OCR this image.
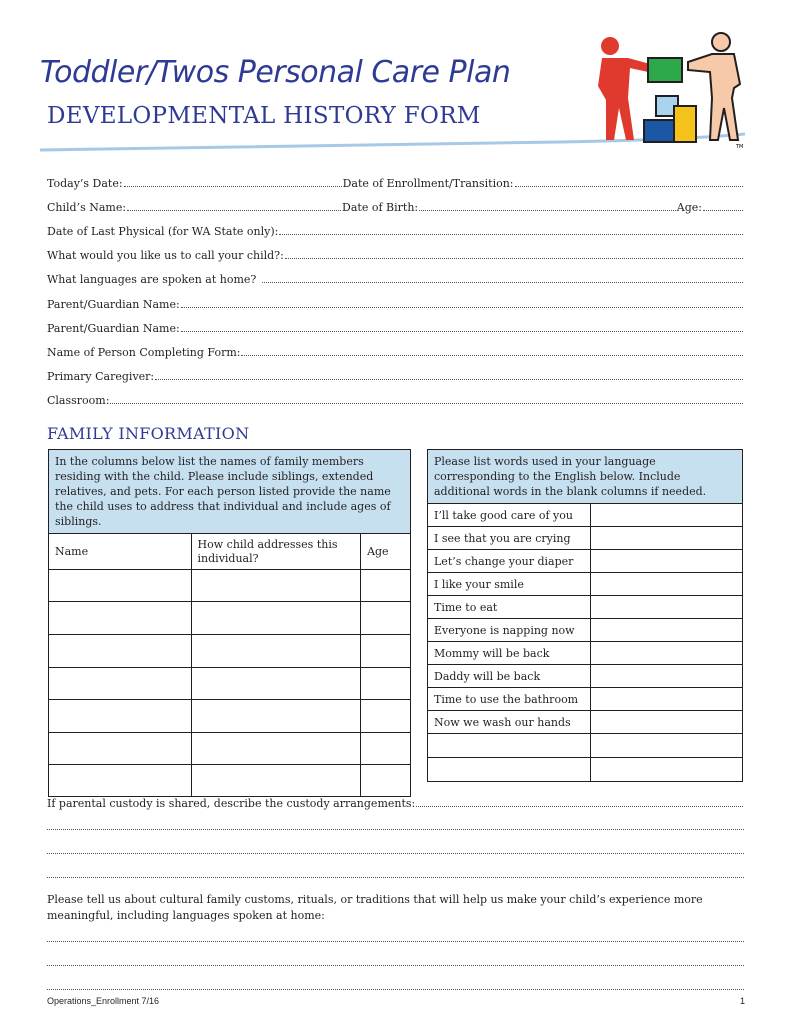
Toddler/Twos Personal Care Plan
DEVELOPMENTAL HISTORY FORM
TM
Today’s Date:	Date of Enrollment/Transition:
Child’s Name:	Date of Birth:	Age:
Date of Last Physical (for WA State only):
What would you like us to call your child?:
What languages are spoken at home?
Parent/Guardian Name:
Parent/Guardian Name:
Name of Person Completing Form:
Primary Caregiver:
Classroom:
FAMILY INFORMATION
In the columns below list the names of family members residing with the child. Please include siblings, extended relatives, and pets. For each person listed provide the name the child uses to address that individual and include ages of siblings.		
Name	How child addresses this individual?	Age

Please list words used in your language corresponding to the English below. Include additional words in the blank columns if needed.	
I’ll take good care of you	
I see that you are crying	
Let’s change your diaper	
I like your smile	
Time to eat	
Everyone is napping now	
Mommy will be back	
Daddy will be back	
Time to use the bathroom	
Now we wash our hands	

If parental custody is shared, describe the custody arrangements:
Please tell us about cultural family customs, rituals, or traditions that will help us make your child’s experience more meaningful, including languages spoken at home:
Operations_Enrollment 7/16	1
